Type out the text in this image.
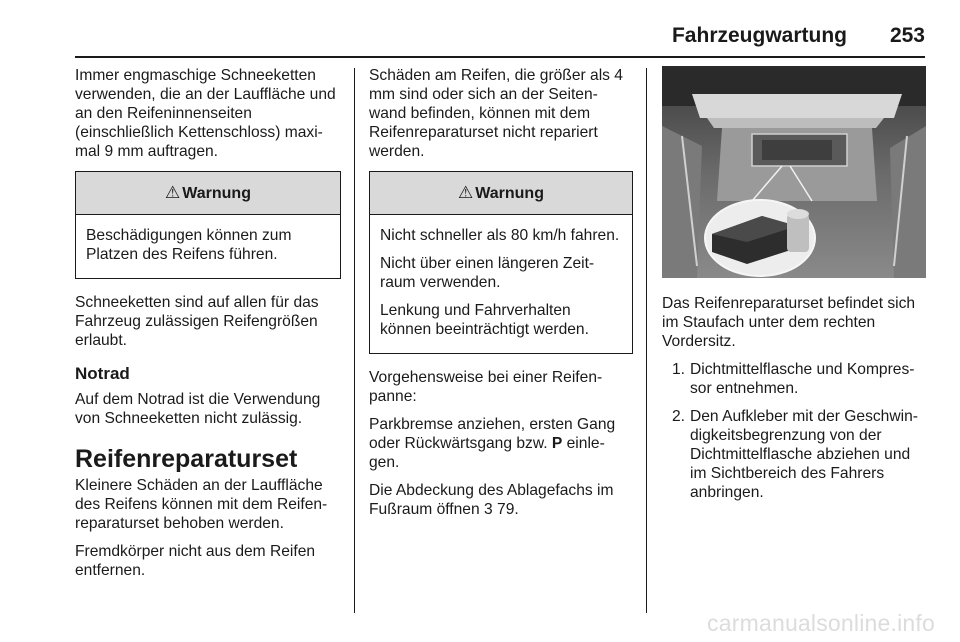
Fahrzeugwartung 253

Immer engmaschige Schneeketten verwenden, die an der Lauffläche und an den Reifeninnenseiten (einschließlich Kettenschloss) maxi- mal 9 mm auftragen.

⚠ Warnung

Beschädigungen können zum Platzen des Reifens führen.

Schneeketten sind auf allen für das Fahrzeug zulässigen Reifengrößen erlaubt.

Notrad

Auf dem Notrad ist die Verwendung von Schneeketten nicht zulässig.

Reifenreparaturset

Kleinere Schäden an der Lauffläche des Reifens können mit dem Reifen- reparaturset behoben werden.

Fremdkörper nicht aus dem Reifen entfernen.

Schäden am Reifen, die größer als 4 mm sind oder sich an der Seiten- wand befinden, können mit dem Reifenreparaturset nicht repariert werden.

⚠ Warnung

Nicht schneller als 80 km/h fahren.

Nicht über einen längeren Zeit- raum verwenden.

Lenkung und Fahrverhalten können beeinträchtigt werden.

Vorgehensweise bei einer Reifen- panne:

Parkbremse anziehen, ersten Gang oder Rückwärtsgang bzw. P einle- gen.

Die Abdeckung des Ablagefachs im Fußraum öffnen 3 79.

Das Reifenreparaturset befindet sich im Staufach unter dem rechten Vordersitz.

1. Dichtmittelflasche und Kompres- sor entnehmen.
2. Den Aufkleber mit der Geschwin- digkeitsbegrenzung von der Dichtmittelflasche abziehen und im Sichtbereich des Fahrers anbringen.
carmanualsonline.info
